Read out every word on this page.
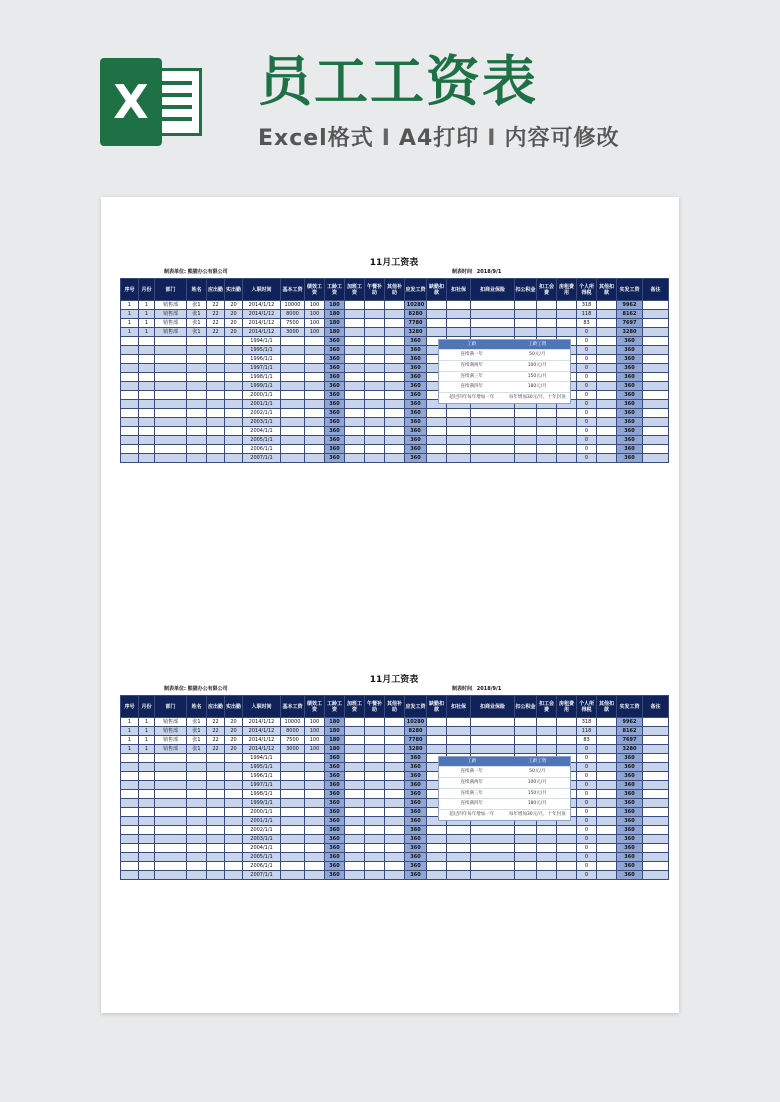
X 员工工资表
Excel格式 I A4打印 I 内容可修改
11月工资表
制表单位: 熊猫办公有限公司	制表时间 2018/9/1
序号	月份	部门	姓名	应出勤	实出勤	入职时间	基本工资	绩效工资	工龄工资	加班工资	午餐补助	其他补助	应发工资	缺勤扣款	扣社保	扣商业保险	扣公积金	扣工会费	房租费用	个人所得税	其他扣款	实发工资	备注
1	1	销售部	张1	22	20	2014/1/12	10000	100	180				10280							318		9962	
1	1	销售部	张1	22	20	2014/1/12	8000	100	180				8280							118		8162	
1	1	销售部	张1	22	20	2014/1/12	7500	100	180				7780							83		7697	
1	1	销售部	张1	22	20	2014/1/12	3000	100	180				3280							0		3280	
						1994/1/1			360				360							0		360	
						1995/1/1			360				360							0		360	
						1996/1/1			360				360							0		360	
						1997/1/1			360				360							0		360	
						1998/1/1			360				360							0		360	
						1999/1/1			360				360							0		360	
						2000/1/1			360				360							0		360	
						2001/1/1			360				360							0		360	
						2002/1/1			360				360							0		360	
						2003/1/1			360				360							0		360	
						2004/1/1			360				360							0		360	
						2005/1/1			360				360							0		360	
						2006/1/1			360				360							0		360	
						2007/1/1			360				360							0		360	
工龄	工龄工资
连续满一年	50元/月
连续满两年	100元/月
连续满三年	150元/月
连续满四年	180元/月
超过四年每年增加一年	每年增加30元/月，十年封顶
11月工资表
制表单位: 熊猫办公有限公司	制表时间 2018/9/1
序号	月份	部门	姓名	应出勤	实出勤	入职时间	基本工资	绩效工资	工龄工资	加班工资	午餐补助	其他补助	应发工资	缺勤扣款	扣社保	扣商业保险	扣公积金	扣工会费	房租费用	个人所得税	其他扣款	实发工资	备注
1	1	销售部	张1	22	20	2014/1/12	10000	100	180				10280							318		9962	
1	1	销售部	张1	22	20	2014/1/12	8000	100	180				8280							118		8162	
1	1	销售部	张1	22	20	2014/1/12	7500	100	180				7780							83		7697	
1	1	销售部	张1	22	20	2014/1/12	3000	100	180				3280							0		3280	
						1994/1/1			360				360							0		360	
						1995/1/1			360				360							0		360	
						1996/1/1			360				360							0		360	
						1997/1/1			360				360							0		360	
						1998/1/1			360				360							0		360	
						1999/1/1			360				360							0		360	
						2000/1/1			360				360							0		360	
						2001/1/1			360				360							0		360	
						2002/1/1			360				360							0		360	
						2003/1/1			360				360							0		360	
						2004/1/1			360				360							0		360	
						2005/1/1			360				360							0		360	
						2006/1/1			360				360							0		360	
						2007/1/1			360				360							0		360	
工龄	工龄工资
连续满一年	50元/月
连续满两年	100元/月
连续满三年	150元/月
连续满四年	180元/月
超过四年每年增加一年	每年增加30元/月，十年封顶
